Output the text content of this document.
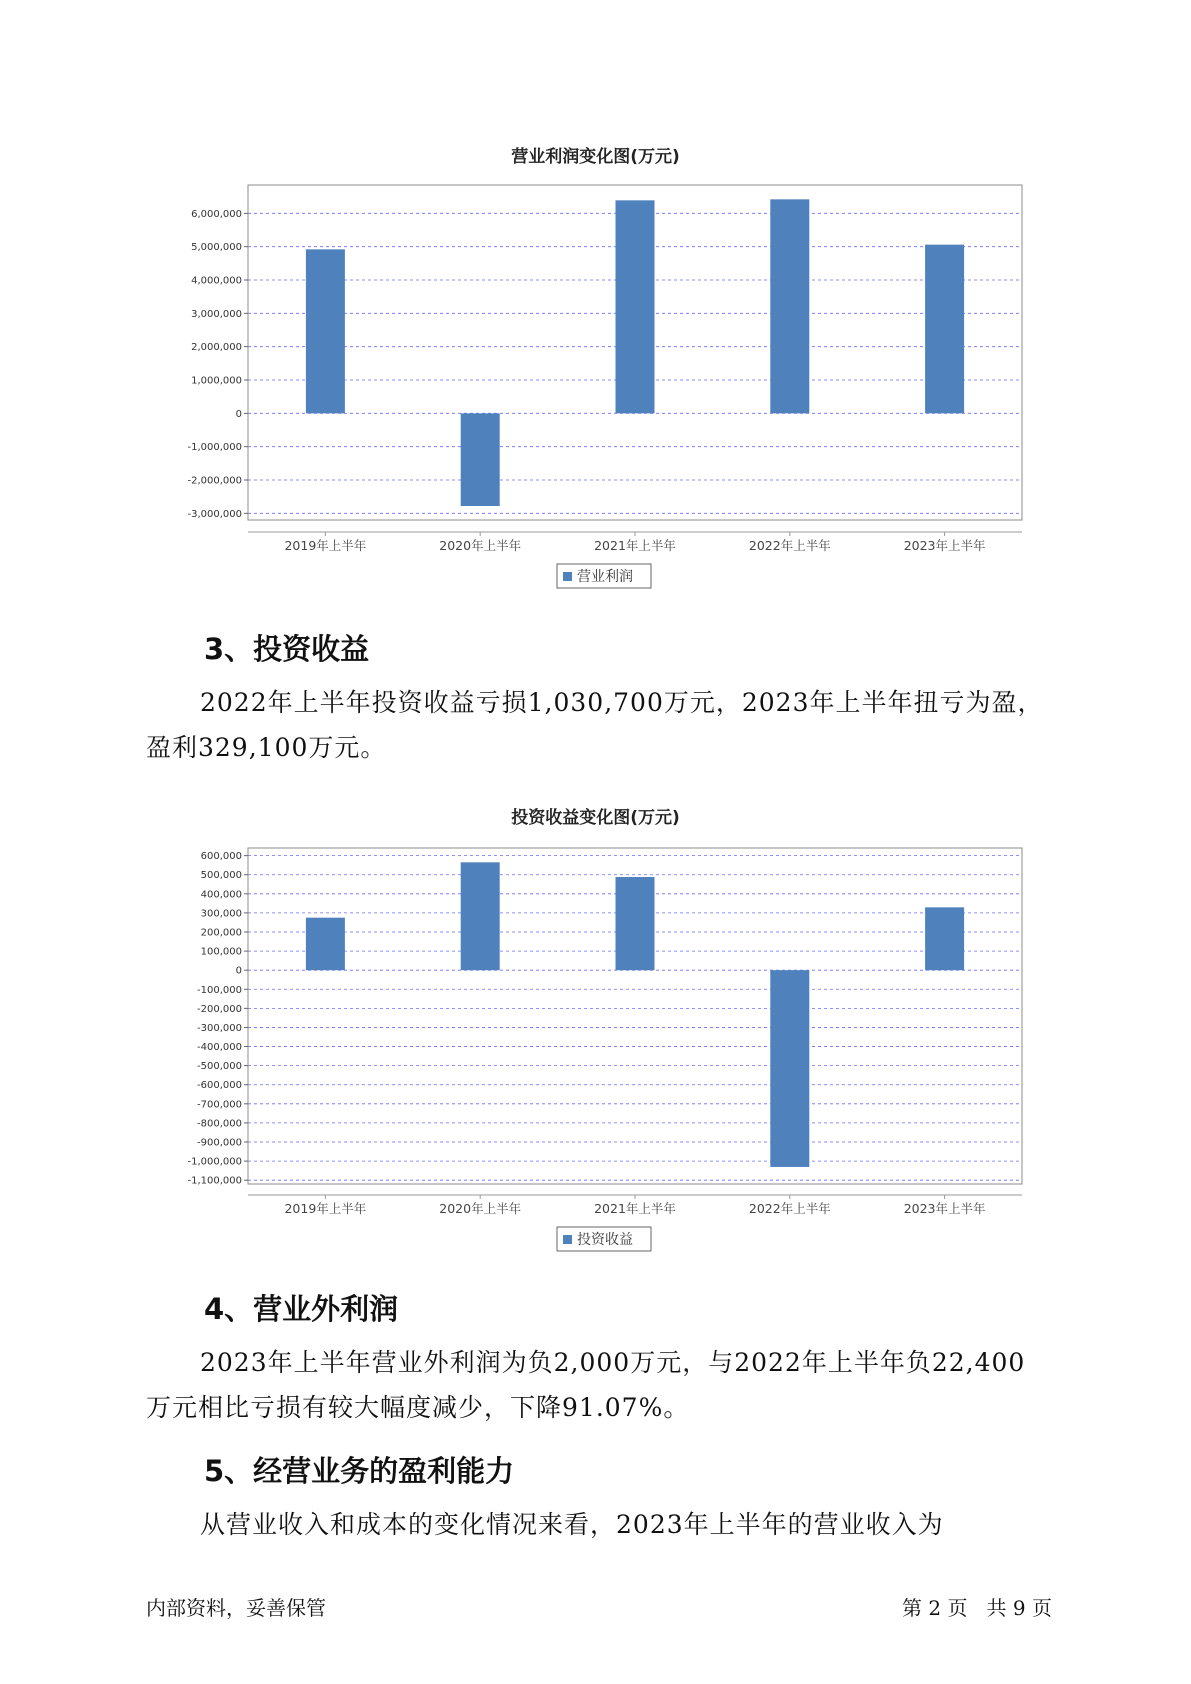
营业利润变化图(万元)
6,000,000
5,000,000
4,000,000
3,000,000
2,000,000
1,000,000
0
-1,000,000
-2,000,000
-3,000,000
2019年上半年	2020年上半年	2021年上半年	2022年上半年	2023年上半年
营业利润
3、投资收益
2022年上半年投资收益亏损1,030,700万元，2023年上半年扭亏为盈，盈利329,100万元。
投资收益变化图(万元)
600,000
500,000
400,000
300,000
200,000
100,000
0
-100,000
-200,000
-300,000
-400,000
-500,000
-600,000
-700,000
-800,000
-900,000
-1,000,000
-1,100,000
2019年上半年	2020年上半年	2021年上半年	2022年上半年	2023年上半年
投资收益
4、营业外利润
2023年上半年营业外利润为负2,000万元，与2022年上半年负22,400万元相比亏损有较大幅度减少，下降91.07%。
5、经营业务的盈利能力
从营业收入和成本的变化情况来看，2023年上半年的营业收入为
内部资料，妥善保管	第 2 页   共 9 页
